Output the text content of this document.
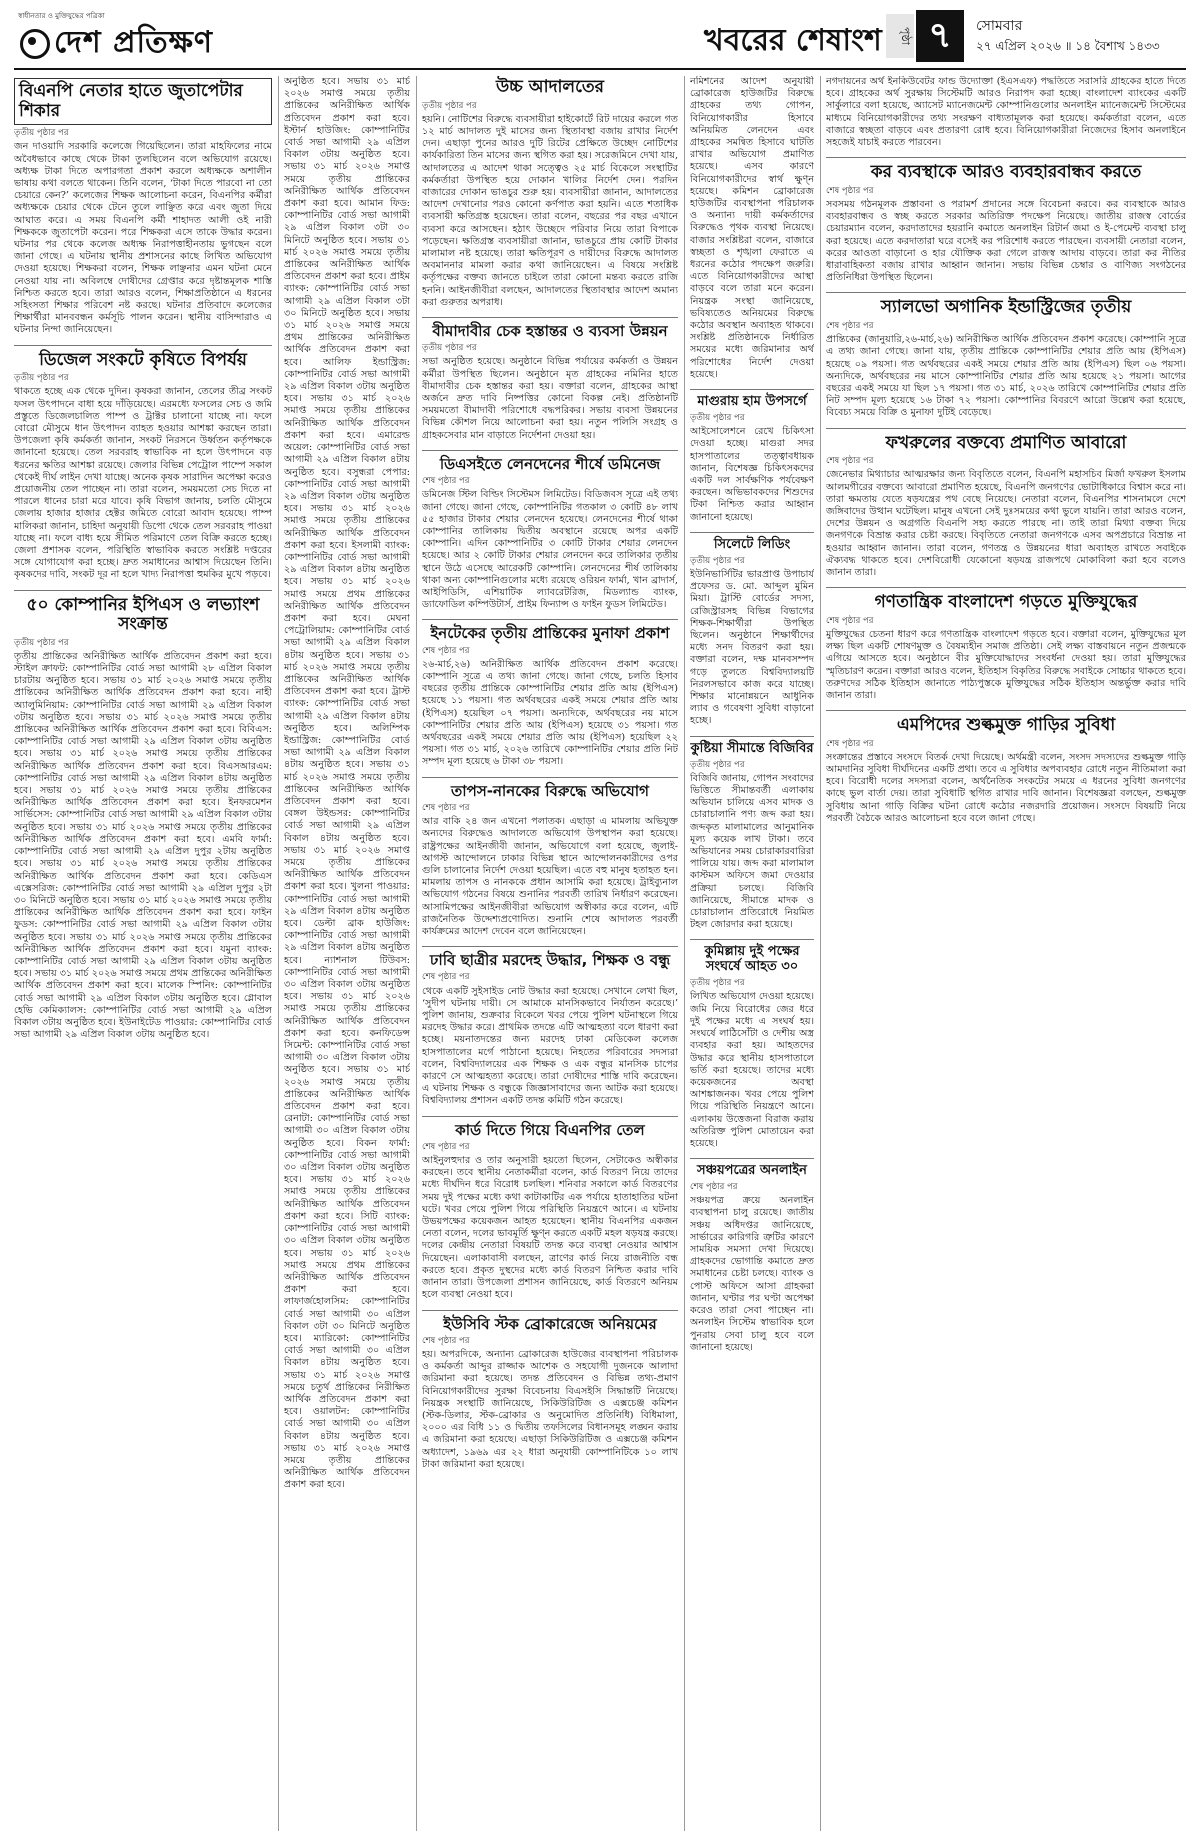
স্বাধীনতার ও মুক্তিযুদ্ধের পত্রিকা
দেশ প্রতিক্ষণ	খবরের শেষাংশ	পৃষ্ঠা ৭	সোমবার
২৭ এপ্রিল ২০২৬ ॥ ১৪ বৈশাখ ১৪৩৩
বিএনপি নেতার হাতে জুতাপেটার শিকার
তৃতীয় পৃষ্ঠার পর
জন দাওয়াদি সরকারি কলেজে গিয়েছিলেন। তারা মাহফিলের নামে অবৈধভাবে কাছে থেকে টাকা তুলছিলেন বলে অভিযোগ রয়েছে। অধ্যক্ষ টাকা দিতে অপারগতা প্রকাশ করলে অধ্যক্ষকে অশালীন ভাষায় কথা বলতে থাকেন। তিনি বলেন, ‘টাকা দিতে পারবো না তো চেয়ারে কেন?’ কলেজের শিক্ষক আলোচনা করেন, বিএনপির কর্মীরা অধ্যক্ষকে চেয়ার থেকে টেনে তুলে লাঞ্ছিত করে এবং জুতা দিয়ে আঘাত করে। এ সময় বিএনপি কর্মী শাহাদত আলী ওই নারী শিক্ষককে জুতাপেটা করেন। পরে শিক্ষকরা এসে তাকে উদ্ধার করেন। ঘটনার পর থেকে কলেজ অধ্যক্ষ নিরাপত্তাহীনতায় ভুগছেন বলে জানা গেছে। এ ঘটনায় স্থানীয় প্রশাসনের কাছে লিখিত অভিযোগ দেওয়া হয়েছে। শিক্ষকরা বলেন, শিক্ষক লাঞ্ছনার এমন ঘটনা মেনে নেওয়া যায় না। অবিলম্বে দোষীদের গ্রেপ্তার করে দৃষ্টান্তমূলক শাস্তি নিশ্চিত করতে হবে। তারা আরও বলেন, শিক্ষাপ্রতিষ্ঠানে এ ধরনের সহিংসতা শিক্ষার পরিবেশ নষ্ট করছে। ঘটনার প্রতিবাদে কলেজের শিক্ষার্থীরা মানববন্ধন কর্মসূচি পালন করেন। স্থানীয় বাসিন্দারাও এ ঘটনার নিন্দা জানিয়েছেন।
ডিজেল সংকটে কৃষিতে বিপর্যয়
তৃতীয় পৃষ্ঠার পর
থাকতে হচ্ছে এক থেকে দুদিন। কৃষকরা জানান, তেলের তীব্র সংকট ফসল উৎপাদনে বাধা হয়ে দাঁড়িয়েছে। এরমধ্যে ফসলের সেচ ও জমি প্রস্তুতে ডিজেলচালিত পাম্প ও ট্রাক্টর চালানো যাচ্ছে না। ফলে বোরো মৌসুমে ধান উৎপাদন ব্যাহত হওয়ার আশঙ্কা করছেন তারা। উপজেলা কৃষি কর্মকর্তা জানান, সংকট নিরসনে উর্ধ্বতন কর্তৃপক্ষকে জানানো হয়েছে। তেল সরবরাহ স্বাভাবিক না হলে উৎপাদনে বড় ধরনের ক্ষতির আশঙ্কা রয়েছে। জেলার বিভিন্ন পেট্রোল পাম্পে সকাল থেকেই দীর্ঘ লাইন দেখা যাচ্ছে। অনেক কৃষক সারাদিন অপেক্ষা করেও প্রয়োজনীয় তেল পাচ্ছেন না। তারা বলেন, সময়মতো সেচ দিতে না পারলে ধানের চারা মরে যাবে। কৃষি বিভাগ জানায়, চলতি মৌসুমে জেলায় হাজার হাজার হেক্টর জমিতে বোরো আবাদ হয়েছে। পাম্প মালিকরা জানান, চাহিদা অনুযায়ী ডিপো থেকে তেল সরবরাহ পাওয়া যাচ্ছে না। ফলে বাধ্য হয়ে সীমিত পরিমাণে তেল বিক্রি করতে হচ্ছে। জেলা প্রশাসক বলেন, পরিস্থিতি স্বাভাবিক করতে সংশ্লিষ্ট দপ্তরের সঙ্গে যোগাযোগ করা হচ্ছে। দ্রুত সমাধানের আশ্বাস দিয়েছেন তিনি। কৃষকদের দাবি, সংকট দূর না হলে খাদ্য নিরাপত্তা হুমকির মুখে পড়বে।
৫০ কোম্পানির ইপিএস ও লভ্যাংশ সংক্রান্ত
তৃতীয় পৃষ্ঠার পর
তৃতীয় প্রান্তিকের অনিরীক্ষিত আর্থিক প্রতিবেদন প্রকাশ করা হবে। স্টাইল ক্রাফট: কোম্পানিটির বোর্ড সভা আগামী ২৮ এপ্রিল বিকাল চারটায় অনুষ্ঠিত হবে। সভায় ৩১ মার্চ ২০২৬ সমাপ্ত সময়ে তৃতীয় প্রান্তিকের অনিরীক্ষিত আর্থিক প্রতিবেদন প্রকাশ করা হবে। নাহী অ্যালুমিনিয়াম: কোম্পানিটির বোর্ড সভা আগামী ২৯ এপ্রিল বিকাল ৩টায় অনুষ্ঠিত হবে। সভায় ৩১ মার্চ ২০২৬ সমাপ্ত সময়ে তৃতীয় প্রান্তিকের অনিরীক্ষিত আর্থিক প্রতিবেদন প্রকাশ করা হবে। বিবিএস: কোম্পানিটির বোর্ড সভা আগামী ২৯ এপ্রিল বিকাল ৩টায় অনুষ্ঠিত হবে। সভায় ৩১ মার্চ ২০২৬ সমাপ্ত সময়ে তৃতীয় প্রান্তিকের অনিরীক্ষিত আর্থিক প্রতিবেদন প্রকাশ করা হবে। বিএসআরএম: কোম্পানিটির বোর্ড সভা আগামী ২৯ এপ্রিল বিকাল ৪টায় অনুষ্ঠিত হবে। সভায় ৩১ মার্চ ২০২৬ সমাপ্ত সময়ে তৃতীয় প্রান্তিকের অনিরীক্ষিত আর্থিক প্রতিবেদন প্রকাশ করা হবে। ইনফরমেশন সার্ভিসেস: কোম্পানিটির বোর্ড সভা আগামী ২৯ এপ্রিল বিকাল ৩টায় অনুষ্ঠিত হবে। সভায় ৩১ মার্চ ২০২৬ সমাপ্ত সময়ে তৃতীয় প্রান্তিকের অনিরীক্ষিত আর্থিক প্রতিবেদন প্রকাশ করা হবে। এমবি ফার্মা: কোম্পানিটির বোর্ড সভা আগামী ২৯ এপ্রিল দুপুর ২টায় অনুষ্ঠিত হবে। সভায় ৩১ মার্চ ২০২৬ সমাপ্ত সময়ে তৃতীয় প্রান্তিকের অনিরীক্ষিত আর্থিক প্রতিবেদন প্রকাশ করা হবে। কেডিএস এক্সেসরিজ: কোম্পানিটির বোর্ড সভা আগামী ২৯ এপ্রিল দুপুর ২টা ৩০ মিনিটে অনুষ্ঠিত হবে। সভায় ৩১ মার্চ ২০২৬ সমাপ্ত সময়ে তৃতীয় প্রান্তিকের অনিরীক্ষিত আর্থিক প্রতিবেদন প্রকাশ করা হবে। ফাইন ফুডস: কোম্পানিটির বোর্ড সভা আগামী ২৯ এপ্রিল বিকাল ৩টায় অনুষ্ঠিত হবে। সভায় ৩১ মার্চ ২০২৬ সমাপ্ত সময়ে তৃতীয় প্রান্তিকের অনিরীক্ষিত আর্থিক প্রতিবেদন প্রকাশ করা হবে। যমুনা ব্যাংক: কোম্পানিটির বোর্ড সভা আগামী ২৯ এপ্রিল বিকাল ৩টায় অনুষ্ঠিত হবে। সভায় ৩১ মার্চ ২০২৬ সমাপ্ত সময়ে প্রথম প্রান্তিকের অনিরীক্ষিত আর্থিক প্রতিবেদন প্রকাশ করা হবে। মালেক স্পিনিং: কোম্পানিটির বোর্ড সভা আগামী ২৯ এপ্রিল বিকাল ৩টায় অনুষ্ঠিত হবে। গ্লোবাল হেভি কেমিক্যালস: কোম্পানিটির বোর্ড সভা আগামী ২৯ এপ্রিল বিকাল ৩টায় অনুষ্ঠিত হবে। ইউনাইটেড পাওয়ার: কোম্পানিটির বোর্ড সভা আগামী ২৯ এপ্রিল বিকাল ৩টায় অনুষ্ঠিত হবে।
অনুষ্ঠিত হবে। সভায় ৩১ মার্চ ২০২৬ সমাপ্ত সময়ে তৃতীয় প্রান্তিকের অনিরীক্ষিত আর্থিক প্রতিবেদন প্রকাশ করা হবে। ইস্টার্ন হাউজিং: কোম্পানিটির বোর্ড সভা আগামী ২৯ এপ্রিল বিকাল ৩টায় অনুষ্ঠিত হবে। সভায় ৩১ মার্চ ২০২৬ সমাপ্ত সময়ে তৃতীয় প্রান্তিকের অনিরীক্ষিত আর্থিক প্রতিবেদন প্রকাশ করা হবে। আমান ফিড: কোম্পানিটির বোর্ড সভা আগামী ২৯ এপ্রিল বিকাল ৩টা ৩০ মিনিটে অনুষ্ঠিত হবে। সভায় ৩১ মার্চ ২০২৬ সমাপ্ত সময়ে তৃতীয় প্রান্তিকের অনিরীক্ষিত আর্থিক প্রতিবেদন প্রকাশ করা হবে। প্রাইম ব্যাংক: কোম্পানিটির বোর্ড সভা আগামী ২৯ এপ্রিল বিকাল ৩টা ৩০ মিনিটে অনুষ্ঠিত হবে। সভায় ৩১ মার্চ ২০২৬ সমাপ্ত সময়ে প্রথম প্রান্তিকের অনিরীক্ষিত আর্থিক প্রতিবেদন প্রকাশ করা হবে। আলিফ ইন্ডাস্ট্রিজ: কোম্পানিটির বোর্ড সভা আগামী ২৯ এপ্রিল বিকাল ৩টায় অনুষ্ঠিত হবে। সভায় ৩১ মার্চ ২০২৬ সমাপ্ত সময়ে তৃতীয় প্রান্তিকের অনিরীক্ষিত আর্থিক প্রতিবেদন প্রকাশ করা হবে। এমারেল্ড অয়েল: কোম্পানিটির বোর্ড সভা আগামী ২৯ এপ্রিল বিকাল ৪টায় অনুষ্ঠিত হবে। বসুন্ধরা পেপার: কোম্পানিটির বোর্ড সভা আগামী ২৯ এপ্রিল বিকাল ৩টায় অনুষ্ঠিত হবে। সভায় ৩১ মার্চ ২০২৬ সমাপ্ত সময়ে তৃতীয় প্রান্তিকের অনিরীক্ষিত আর্থিক প্রতিবেদন প্রকাশ করা হবে। ইসলামী ব্যাংক: কোম্পানিটির বোর্ড সভা আগামী ২৯ এপ্রিল বিকাল ৪টায় অনুষ্ঠিত হবে। সভায় ৩১ মার্চ ২০২৬ সমাপ্ত সময়ে প্রথম প্রান্তিকের অনিরীক্ষিত আর্থিক প্রতিবেদন প্রকাশ করা হবে। মেঘনা পেট্রোলিয়াম: কোম্পানিটির বোর্ড সভা আগামী ২৯ এপ্রিল বিকাল ৪টায় অনুষ্ঠিত হবে। সভায় ৩১ মার্চ ২০২৬ সমাপ্ত সময়ে তৃতীয় প্রান্তিকের অনিরীক্ষিত আর্থিক প্রতিবেদন প্রকাশ করা হবে। ট্রাস্ট ব্যাংক: কোম্পানিটির বোর্ড সভা আগামী ২৯ এপ্রিল বিকাল ৪টায় অনুষ্ঠিত হবে। অলিম্পিক ইন্ডাস্ট্রিজ: কোম্পানিটির বোর্ড সভা আগামী ২৯ এপ্রিল বিকাল ৪টায় অনুষ্ঠিত হবে। সভায় ৩১ মার্চ ২০২৬ সমাপ্ত সময়ে তৃতীয় প্রান্তিকের অনিরীক্ষিত আর্থিক প্রতিবেদন প্রকাশ করা হবে। বেঙ্গল উইন্ডসর: কোম্পানিটির বোর্ড সভা আগামী ২৯ এপ্রিল বিকাল ৪টায় অনুষ্ঠিত হবে। সভায় ৩১ মার্চ ২০২৬ সমাপ্ত সময়ে তৃতীয় প্রান্তিকের অনিরীক্ষিত আর্থিক প্রতিবেদন প্রকাশ করা হবে। খুলনা পাওয়ার: কোম্পানিটির বোর্ড সভা আগামী ২৯ এপ্রিল বিকাল ৪টায় অনুষ্ঠিত হবে। ডেল্টা ব্রাক হাউজিং: কোম্পানিটির বোর্ড সভা আগামী ২৯ এপ্রিল বিকাল ৪টায় অনুষ্ঠিত হবে। ন্যাশনাল টিউবস: কোম্পানিটির বোর্ড সভা আগামী ৩০ এপ্রিল বিকাল ৩টায় অনুষ্ঠিত হবে। সভায় ৩১ মার্চ ২০২৬ সমাপ্ত সময়ে তৃতীয় প্রান্তিকের অনিরীক্ষিত আর্থিক প্রতিবেদন প্রকাশ করা হবে। কনফিডেন্স সিমেন্ট: কোম্পানিটির বোর্ড সভা আগামী ৩০ এপ্রিল বিকাল ৩টায় অনুষ্ঠিত হবে। সভায় ৩১ মার্চ ২০২৬ সমাপ্ত সময়ে তৃতীয় প্রান্তিকের অনিরীক্ষিত আর্থিক প্রতিবেদন প্রকাশ করা হবে। রেনাটা: কোম্পানিটির বোর্ড সভা আগামী ৩০ এপ্রিল বিকাল ৩টায় অনুষ্ঠিত হবে। বিকন ফার্মা: কোম্পানিটির বোর্ড সভা আগামী ৩০ এপ্রিল বিকাল ৩টায় অনুষ্ঠিত হবে। সভায় ৩১ মার্চ ২০২৬ সমাপ্ত সময়ে তৃতীয় প্রান্তিকের অনিরীক্ষিত আর্থিক প্রতিবেদন প্রকাশ করা হবে। সিটি ব্যাংক: কোম্পানিটির বোর্ড সভা আগামী ৩০ এপ্রিল বিকাল ৩টায় অনুষ্ঠিত হবে। সভায় ৩১ মার্চ ২০২৬ সমাপ্ত সময়ে প্রথম প্রান্তিকের অনিরীক্ষিত আর্থিক প্রতিবেদন প্রকাশ করা হবে। লাফার্জহোলসিম: কোম্পানিটির বোর্ড সভা আগামী ৩০ এপ্রিল বিকাল ৩টা ৩০ মিনিটে অনুষ্ঠিত হবে। ম্যারিকো: কোম্পানিটির বোর্ড সভা আগামী ৩০ এপ্রিল বিকাল ৪টায় অনুষ্ঠিত হবে। সভায় ৩১ মার্চ ২০২৬ সমাপ্ত সময়ে চতুর্থ প্রান্তিকের নিরীক্ষিত আর্থিক প্রতিবেদন প্রকাশ করা হবে। ওয়ালটন: কোম্পানিটির বোর্ড সভা আগামী ৩০ এপ্রিল বিকাল ৪টায় অনুষ্ঠিত হবে। সভায় ৩১ মার্চ ২০২৬ সমাপ্ত সময়ে তৃতীয় প্রান্তিকের অনিরীক্ষিত আর্থিক প্রতিবেদন প্রকাশ করা হবে।
উচ্চ আদালতের
তৃতীয় পৃষ্ঠার পর
হয়নি। নোটিশের বিরুদ্ধে ব্যবসায়ীরা হাইকোর্টে রিট দায়ের করলে গত ১২ মার্চ আদালত দুই মাসের জন্য স্থিতাবস্থা বজায় রাখার নির্দেশ দেন। এছাড়া পুনের আরও দুটি রিটের প্রেক্ষিতে উচ্ছেদ নোটিশের কার্যকারিতা তিন মাসের জন্য স্থগিত করা হয়। সরেজমিনে দেখা যায়, আদালতের এ আদেশ থাকা সত্ত্বেও ২৫ মার্চ বিকেলে সংস্থাটির কর্মকর্তারা উপস্থিত হয়ে দোকান খালির নির্দেশ দেন। পরদিন বাজারের দোকান ভাঙচুর শুরু হয়। ব্যবসায়ীরা জানান, আদালতের আদেশ দেখানোর পরও কোনো কর্ণপাত করা হয়নি। এতে শতাধিক ব্যবসায়ী ক্ষতিগ্রস্ত হয়েছেন। তারা বলেন, বছরের পর বছর এখানে ব্যবসা করে আসছেন। হঠাৎ উচ্ছেদে পরিবার নিয়ে তারা বিপাকে পড়েছেন। ক্ষতিগ্রস্ত ব্যবসায়ীরা জানান, ভাঙচুরে প্রায় কোটি টাকার মালামাল নষ্ট হয়েছে। তারা ক্ষতিপূরণ ও দায়ীদের বিরুদ্ধে আদালত অবমাননার মামলা করার কথা জানিয়েছেন। এ বিষয়ে সংশ্লিষ্ট কর্তৃপক্ষের বক্তব্য জানতে চাইলে তারা কোনো মন্তব্য করতে রাজি হননি। আইনজীবীরা বলছেন, আদালতের স্থিতাবস্থার আদেশ অমান্য করা গুরুতর অপরাধ।
বীমাদাবীর চেক হস্তান্তর ও ব্যবসা উন্নয়ন
তৃতীয় পৃষ্ঠার পর
সভা অনুষ্ঠিত হয়েছে। অনুষ্ঠানে বিভিন্ন পর্যায়ের কর্মকর্তা ও উন্নয়ন কর্মীরা উপস্থিত ছিলেন। অনুষ্ঠানে মৃত গ্রাহকের নমিনির হাতে বীমাদাবীর চেক হস্তান্তর করা হয়। বক্তারা বলেন, গ্রাহকের আস্থা অর্জনে দ্রুত দাবি নিষ্পত্তির কোনো বিকল্প নেই। প্রতিষ্ঠানটি সময়মতো বীমাদাবী পরিশোধে বদ্ধপরিকর। সভায় ব্যবসা উন্নয়নের বিভিন্ন কৌশল নিয়ে আলোচনা করা হয়। নতুন পলিসি সংগ্রহ ও গ্রাহকসেবার মান বাড়াতে নির্দেশনা দেওয়া হয়।
ডিএসইতে লেনদেনের শীর্ষে ডমিনেজ
শেষ পৃষ্ঠার পর
ডমিনেজ স্টিল বিল্ডিং সিস্টেমস লিমিটেড। বিডিজবস সূত্রে এই তথ্য জানা গেছে। জানা গেছে, কোম্পানিটির গতকাল ৩ কোটি ৪৮ লাখ ৫৫ হাজার টাকার শেয়ার লেনদেন হয়েছে। লেনদেনের শীর্ষে থাকা কোম্পানির তালিকায় দ্বিতীয় অবস্থানে রয়েছে অপর একটি কোম্পানি। এদিন কোম্পানিটির ৩ কোটি টাকার শেয়ার লেনদেন হয়েছে। আর ২ কোটি টাকার শেয়ার লেনদেন করে তালিকার তৃতীয় স্থানে উঠে এসেছে আরেকটি কোম্পানি। লেনদেনের শীর্ষ তালিকায় থাকা অন্য কোম্পানিগুলোর মধ্যে রয়েছে ওরিয়ন ফার্মা, খান ব্রাদার্স, আইপিডিসি, এশিয়াটিক ল্যাবরেটরিজ, মিডল্যান্ড ব্যাংক, ড্যাফোডিল কম্পিউটার্স, প্রাইম ফিন্যান্স ও ফাইন ফুডস লিমিটেড।
ইনটেকের তৃতীয় প্রান্তিকের মুনাফা প্রকাশ
শেষ পৃষ্ঠার পর
২৬-মার্চ,২৬) অনিরীক্ষিত আর্থিক প্রতিবেদন প্রকাশ করেছে। কোম্পানি সূত্রে এ তথ্য জানা গেছে। জানা গেছে, চলতি হিসাব বছরের তৃতীয় প্রান্তিকে কোম্পানিটির শেয়ার প্রতি আয় (ইপিএস) হয়েছে ১১ পয়সা। গত অর্থবছরের একই সময়ে শেয়ার প্রতি আয় (ইপিএস) হয়েছিল ০৭ পয়সা। অন্যদিকে, অর্থবছরের নয় মাসে কোম্পানিটির শেয়ার প্রতি আয় (ইপিএস) হয়েছে ৩১ পয়সা। গত অর্থবছরের একই সময়ে শেয়ার প্রতি আয় (ইপিএস) হয়েছিল ২২ পয়সা। গত ৩১ মার্চ, ২০২৬ তারিখে কোম্পানিটির শেয়ার প্রতি নিট সম্পদ মূল্য হয়েছে ৬ টাকা ৩৮ পয়সা।
তাপস-নানকের বিরুদ্ধে অভিযোগ
শেষ পৃষ্ঠার পর
আর বাকি ২৪ জন এখনো পলাতক। এছাড়া এ মামলায় অভিযুক্ত অন্যদের বিরুদ্ধেও আদালতে অভিযোগ উপস্থাপন করা হয়েছে। রাষ্ট্রপক্ষের আইনজীবী জানান, অভিযোগে বলা হয়েছে, জুলাই-আগস্ট আন্দোলনে ঢাকার বিভিন্ন স্থানে আন্দোলনকারীদের ওপর গুলি চালানোর নির্দেশ দেওয়া হয়েছিল। এতে বহু মানুষ হতাহত হন। মামলায় তাপস ও নানককে প্রধান আসামি করা হয়েছে। ট্রাইব্যুনাল অভিযোগ গঠনের বিষয়ে শুনানির পরবর্তী তারিখ নির্ধারণ করেছেন। আসামিপক্ষের আইনজীবীরা অভিযোগ অস্বীকার করে বলেন, এটি রাজনৈতিক উদ্দেশ্যপ্রণোদিত। শুনানি শেষে আদালত পরবর্তী কার্যক্রমের আদেশ দেবেন বলে জানিয়েছেন।
ঢাবি ছাত্রীর মরদেহ উদ্ধার, শিক্ষক ও বন্ধু
শেষ পৃষ্ঠার পর
থেকে একটি সুইসাইড নোট উদ্ধার করা হয়েছে। সেখানে লেখা ছিল, ‘সুদীপ ঘটনায় দায়ী। সে আমাকে মানসিকভাবে নির্যাতন করেছে।’ পুলিশ জানায়, শুক্রবার বিকেলে খবর পেয়ে পুলিশ ঘটনাস্থলে গিয়ে মরদেহ উদ্ধার করে। প্রাথমিক তদন্তে এটি আত্মহত্যা বলে ধারণা করা হচ্ছে। ময়নাতদন্তের জন্য মরদেহ ঢাকা মেডিকেল কলেজ হাসপাতালের মর্গে পাঠানো হয়েছে। নিহতের পরিবারের সদস্যরা বলেন, বিশ্ববিদ্যালয়ের এক শিক্ষক ও এক বন্ধুর মানসিক চাপের কারণে সে আত্মহত্যা করেছে। তারা দোষীদের শাস্তি দাবি করেছেন। এ ঘটনায় শিক্ষক ও বন্ধুকে জিজ্ঞাসাবাদের জন্য আটক করা হয়েছে। বিশ্ববিদ্যালয় প্রশাসন একটি তদন্ত কমিটি গঠন করেছে।
কার্ড দিতে গিয়ে বিএনপির তেল
শেষ পৃষ্ঠার পর
আইনুলহুদার ও তার অনুসারী হয়তো ছিলেন, সেটাকেও অস্বীকার করছেন। তবে স্থানীয় নেতাকর্মীরা বলেন, কার্ড বিতরণ নিয়ে তাদের মধ্যে দীর্ঘদিন ধরে বিরোধ চলছিল। শনিবার সকালে কার্ড বিতরণের সময় দুই পক্ষের মধ্যে কথা কাটাকাটির এক পর্যায়ে হাতাহাতির ঘটনা ঘটে। খবর পেয়ে পুলিশ গিয়ে পরিস্থিতি নিয়ন্ত্রণে আনে। এ ঘটনায় উভয়পক্ষের কয়েকজন আহত হয়েছেন। স্থানীয় বিএনপির একজন নেতা বলেন, দলের ভাবমূর্তি ক্ষুণ্ন করতে একটি মহল ষড়যন্ত্র করছে। দলের কেন্দ্রীয় নেতারা বিষয়টি তদন্ত করে ব্যবস্থা নেওয়ার আশ্বাস দিয়েছেন। এলাকাবাসী বলছেন, ত্রাণের কার্ড নিয়ে রাজনীতি বন্ধ করতে হবে। প্রকৃত দুস্থদের মধ্যে কার্ড বিতরণ নিশ্চিত করার দাবি জানান তারা। উপজেলা প্রশাসন জানিয়েছে, কার্ড বিতরণে অনিয়ম হলে ব্যবস্থা নেওয়া হবে।
ইউসিবি স্টক ব্রোকারেজে অনিয়মের
শেষ পৃষ্ঠার পর
হয়। অপরদিকে, অন্যান্য ব্রোকারেজ হাউজের ব্যবস্থাপনা পরিচালক ও কর্মকর্তা আব্দুর রাজ্জাক আশেক ও সহযোগী দুজনকে আলাদা জরিমানা করা হয়েছে। তদন্ত প্রতিবেদন ও বিভিন্ন তথ্য-প্রমাণ বিনিয়োগকারীদের সুরক্ষা বিবেচনায় বিএসইসি সিদ্ধান্তটি নিয়েছে। নিয়ন্ত্রক সংস্থাটি জানিয়েছে, সিকিউরিটিজ ও এক্সচেঞ্জ কমিশন (স্টক-ডিলার, স্টক-ব্রোকার ও অনুমোদিত প্রতিনিধি) বিধিমালা, ২০০০ এর বিধি ১১ ও দ্বিতীয় তফসিলের বিধানসমূহ লঙ্ঘন করায় এ জরিমানা করা হয়েছে। এছাড়া সিকিউরিটিজ ও এক্সচেঞ্জ কমিশন অধ্যাদেশ, ১৯৬৯ এর ২২ ধারা অনুযায়ী কোম্পানিটিকে ১০ লাখ টাকা জরিমানা করা হয়েছে।
নমিশনের আদেশ অনুযায়ী ব্রোকারেজ হাউজটির বিরুদ্ধে গ্রাহকের তথ্য গোপন, বিনিয়োগকারীর হিসাবে অনিয়মিত লেনদেন এবং গ্রাহকের সমন্বিত হিসাবে ঘাটতি রাখার অভিযোগ প্রমাণিত হয়েছে। এসব কারণে বিনিয়োগকারীদের স্বার্থ ক্ষুণ্ন হয়েছে। কমিশন ব্রোকারেজ হাউজটির ব্যবস্থাপনা পরিচালক ও অন্যান্য দায়ী কর্মকর্তাদের বিরুদ্ধেও পৃথক ব্যবস্থা নিয়েছে। বাজার সংশ্লিষ্টরা বলেন, বাজারে স্বচ্ছতা ও শৃঙ্খলা ফেরাতে এ ধরনের কঠোর পদক্ষেপ জরুরি। এতে বিনিয়োগকারীদের আস্থা বাড়বে বলে তারা মনে করেন। নিয়ন্ত্রক সংস্থা জানিয়েছে, ভবিষ্যতেও অনিয়মের বিরুদ্ধে কঠোর অবস্থান অব্যাহত থাকবে। সংশ্লিষ্ট প্রতিষ্ঠানকে নির্ধারিত সময়ের মধ্যে জরিমানার অর্থ পরিশোধের নির্দেশ দেওয়া হয়েছে।
মাগুরায় হাম উপসর্গে
তৃতীয় পৃষ্ঠার পর
আইসোলেশনে রেখে চিকিৎসা দেওয়া হচ্ছে। মাগুরা সদর হাসপাতালের তত্ত্বাবধায়ক জানান, বিশেষজ্ঞ চিকিৎসকদের একটি দল সার্বক্ষণিক পর্যবেক্ষণ করছেন। অভিভাবকদের শিশুদের টিকা নিশ্চিত করার আহ্বান জানানো হয়েছে।
সিলেটে লিডিং
তৃতীয় পৃষ্ঠার পর
ইউনিভার্সিটির ভারপ্রাপ্ত উপাচার্য প্রফেসর ড. মো. আব্দুল মুমিন মিয়া। ট্রাস্টি বোর্ডের সদস্য, রেজিস্ট্রারসহ বিভিন্ন বিভাগের শিক্ষক-শিক্ষার্থীরা উপস্থিত ছিলেন। অনুষ্ঠানে শিক্ষার্থীদের মধ্যে সনদ বিতরণ করা হয়। বক্তারা বলেন, দক্ষ মানবসম্পদ গড়ে তুলতে বিশ্ববিদ্যালয়টি নিরলসভাবে কাজ করে যাচ্ছে। শিক্ষার মানোন্নয়নে আধুনিক ল্যাব ও গবেষণা সুবিধা বাড়ানো হচ্ছে।
কুষ্টিয়া সীমান্তে বিজিবির
তৃতীয় পৃষ্ঠার পর
বিজিবি জানায়, গোপন সংবাদের ভিত্তিতে সীমান্তবর্তী এলাকায় অভিযান চালিয়ে এসব মাদক ও চোরাচালানি পণ্য জব্দ করা হয়। জব্দকৃত মালামালের আনুমানিক মূল্য কয়েক লাখ টাকা। তবে অভিযানের সময় চোরাকারবারিরা পালিয়ে যায়। জব্দ করা মালামাল কাস্টমস অফিসে জমা দেওয়ার প্রক্রিয়া চলছে। বিজিবি জানিয়েছে, সীমান্তে মাদক ও চোরাচালান প্রতিরোধে নিয়মিত টহল জোরদার করা হয়েছে।
কুমিল্লায় দুই পক্ষের সংঘর্ষে আহত ৩০
তৃতীয় পৃষ্ঠার পর
লিখিত অভিযোগ দেওয়া হয়েছে। জমি নিয়ে বিরোধের জের ধরে দুই পক্ষের মধ্যে এ সংঘর্ষ হয়। সংঘর্ষে লাঠিসোঁটা ও দেশীয় অস্ত্র ব্যবহার করা হয়। আহতদের উদ্ধার করে স্থানীয় হাসপাতালে ভর্তি করা হয়েছে। তাদের মধ্যে কয়েকজনের অবস্থা আশঙ্কাজনক। খবর পেয়ে পুলিশ গিয়ে পরিস্থিতি নিয়ন্ত্রণে আনে। এলাকায় উত্তেজনা বিরাজ করায় অতিরিক্ত পুলিশ মোতায়েন করা হয়েছে।
সঞ্চয়পত্রের অনলাইন
শেষ পৃষ্ঠার পর
সঞ্চয়পত্র ক্রয়ে অনলাইন ব্যবস্থাপনা চালু রয়েছে। জাতীয় সঞ্চয় অধিদপ্তর জানিয়েছে, সার্ভারের কারিগরি ত্রুটির কারণে সাময়িক সমস্যা দেখা দিয়েছে। গ্রাহকদের ভোগান্তি কমাতে দ্রুত সমাধানের চেষ্টা চলছে। ব্যাংক ও পোস্ট অফিসে আসা গ্রাহকরা জানান, ঘণ্টার পর ঘণ্টা অপেক্ষা করেও তারা সেবা পাচ্ছেন না। অনলাইন সিস্টেম স্বাভাবিক হলে পুনরায় সেবা চালু হবে বলে জানানো হয়েছে।
নগদায়নের অর্থ ইনকিউবেটর ফান্ড উদ্যোক্তা (ইএসএফ) পদ্ধতিতে সরাসরি গ্রাহকের হাতে দিতে হবে। গ্রাহকের অর্থ সুরক্ষায় সিস্টেমটি আরও নিরাপদ করা হচ্ছে। বাংলাদেশ ব্যাংকের একটি সার্কুলারে বলা হয়েছে, অ্যাসেট ম্যানেজমেন্ট কোম্পানিগুলোর অনলাইন ম্যানেজমেন্ট সিস্টেমের মাধ্যমে বিনিয়োগকারীদের তথ্য সংরক্ষণ বাধ্যতামূলক করা হয়েছে। কর্মকর্তারা বলেন, এতে বাজারে স্বচ্ছতা বাড়বে এবং প্রতারণা রোধ হবে। বিনিয়োগকারীরা নিজেদের হিসাব অনলাইনে সহজেই যাচাই করতে পারবেন।
কর ব্যবস্থাকে আরও ব্যবহারবান্ধব করতে
শেষ পৃষ্ঠার পর
সবসময় গঠনমূলক প্রস্তাবনা ও পরামর্শ প্রদানের সঙ্গে বিবেচনা করবে। কর ব্যবস্থাকে আরও ব্যবহারবান্ধব ও স্বচ্ছ করতে সরকার অতিরিক্ত পদক্ষেপ নিয়েছে। জাতীয় রাজস্ব বোর্ডের চেয়ারম্যান বলেন, করদাতাদের হয়রানি কমাতে অনলাইন রিটার্ন জমা ও ই-পেমেন্ট ব্যবস্থা চালু করা হয়েছে। এতে করদাতারা ঘরে বসেই কর পরিশোধ করতে পারছেন। ব্যবসায়ী নেতারা বলেন, করের আওতা বাড়ানো ও হার যৌক্তিক করা গেলে রাজস্ব আদায় বাড়বে। তারা কর নীতির ধারাবাহিকতা বজায় রাখার আহ্বান জানান। সভায় বিভিন্ন চেম্বার ও বাণিজ্য সংগঠনের প্রতিনিধিরা উপস্থিত ছিলেন।
স্যালভো অগানিক ইন্ডাস্ট্রিজের তৃতীয়
শেষ পৃষ্ঠার পর
প্রান্তিকের (জানুয়ারি,২৬-মার্চ,২৬) অনিরীক্ষিত আর্থিক প্রতিবেদন প্রকাশ করেছে। কোম্পানি সূত্রে এ তথ্য জানা গেছে। জানা যায়, তৃতীয় প্রান্তিকে কোম্পানিটির শেয়ার প্রতি আয় (ইপিএস) হয়েছে ০৯ পয়সা। গত অর্থবছরের একই সময়ে শেয়ার প্রতি আয় (ইপিএস) ছিল ০৬ পয়সা। অন্যদিকে, অর্থবছরের নয় মাসে কোম্পানিটির শেয়ার প্রতি আয় হয়েছে ২১ পয়সা। আগের বছরের একই সময়ে যা ছিল ১৭ পয়সা। গত ৩১ মার্চ, ২০২৬ তারিখে কোম্পানিটির শেয়ার প্রতি নিট সম্পদ মূল্য হয়েছে ১৬ টাকা ৭২ পয়সা। কোম্পানির বিবরণে আরো উল্লেখ করা হয়েছে, বিবেচ্য সময়ে বিক্রি ও মুনাফা দুটিই বেড়েছে।
ফখরুলের বক্তব্যে প্রমাণিত আবারো
শেষ পৃষ্ঠার পর
জেনেভার মিথ্যাচার আত্মরক্ষার জন্য বিবৃতিতে বলেন, বিএনপি মহাসচিব মির্জা ফখরুল ইসলাম আলমগীরের বক্তব্যে আবারো প্রমাণিত হয়েছে, বিএনপি জনগণের ভোটাধিকারে বিশ্বাস করে না। তারা ক্ষমতায় যেতে ষড়যন্ত্রের পথ বেছে নিয়েছে। নেতারা বলেন, বিএনপির শাসনামলে দেশে জঙ্গিবাদের উত্থান ঘটেছিল। মানুষ এখনো সেই দুঃসময়ের কথা ভুলে যায়নি। তারা আরও বলেন, দেশের উন্নয়ন ও অগ্রগতি বিএনপি সহ্য করতে পারছে না। তাই তারা মিথ্যা বক্তব্য দিয়ে জনগণকে বিভ্রান্ত করার চেষ্টা করছে। বিবৃতিতে নেতারা জনগণকে এসব অপপ্রচারে বিভ্রান্ত না হওয়ার আহ্বান জানান। তারা বলেন, গণতন্ত্র ও উন্নয়নের ধারা অব্যাহত রাখতে সবাইকে ঐক্যবদ্ধ থাকতে হবে। দেশবিরোধী যেকোনো ষড়যন্ত্র রাজপথে মোকাবিলা করা হবে বলেও জানান তারা।
গণতান্ত্রিক বাংলাদেশ গড়তে মুক্তিযুদ্ধের
শেষ পৃষ্ঠার পর
মুক্তিযুদ্ধের চেতনা ধারণ করে গণতান্ত্রিক বাংলাদেশ গড়তে হবে। বক্তারা বলেন, মুক্তিযুদ্ধের মূল লক্ষ্য ছিল একটি শোষণমুক্ত ও বৈষম্যহীন সমাজ প্রতিষ্ঠা। সেই লক্ষ্য বাস্তবায়নে নতুন প্রজন্মকে এগিয়ে আসতে হবে। অনুষ্ঠানে বীর মুক্তিযোদ্ধাদের সংবর্ধনা দেওয়া হয়। তারা মুক্তিযুদ্ধের স্মৃতিচারণ করেন। বক্তারা আরও বলেন, ইতিহাস বিকৃতির বিরুদ্ধে সবাইকে সোচ্চার থাকতে হবে। তরুণদের সঠিক ইতিহাস জানাতে পাঠ্যপুস্তকে মুক্তিযুদ্ধের সঠিক ইতিহাস অন্তর্ভুক্ত করার দাবি জানান তারা।
এমপিদের শুল্কমুক্ত গাড়ির সুবিধা
শেষ পৃষ্ঠার পর
সংক্রান্তের প্রস্তাবে সংসদে বিতর্ক দেখা দিয়েছে। অর্থমন্ত্রী বলেন, সংসদ সদস্যদের শুল্কমুক্ত গাড়ি আমদানির সুবিধা দীর্ঘদিনের একটি প্রথা। তবে এ সুবিধার অপব্যবহার রোধে নতুন নীতিমালা করা হবে। বিরোধী দলের সদস্যরা বলেন, অর্থনৈতিক সংকটের সময়ে এ ধরনের সুবিধা জনগণের কাছে ভুল বার্তা দেয়। তারা সুবিধাটি স্থগিত রাখার দাবি জানান। বিশেষজ্ঞরা বলছেন, শুল্কমুক্ত সুবিধায় আনা গাড়ি বিক্রির ঘটনা রোধে কঠোর নজরদারি প্রয়োজন। সংসদে বিষয়টি নিয়ে পরবর্তী বৈঠকে আরও আলোচনা হবে বলে জানা গেছে।
